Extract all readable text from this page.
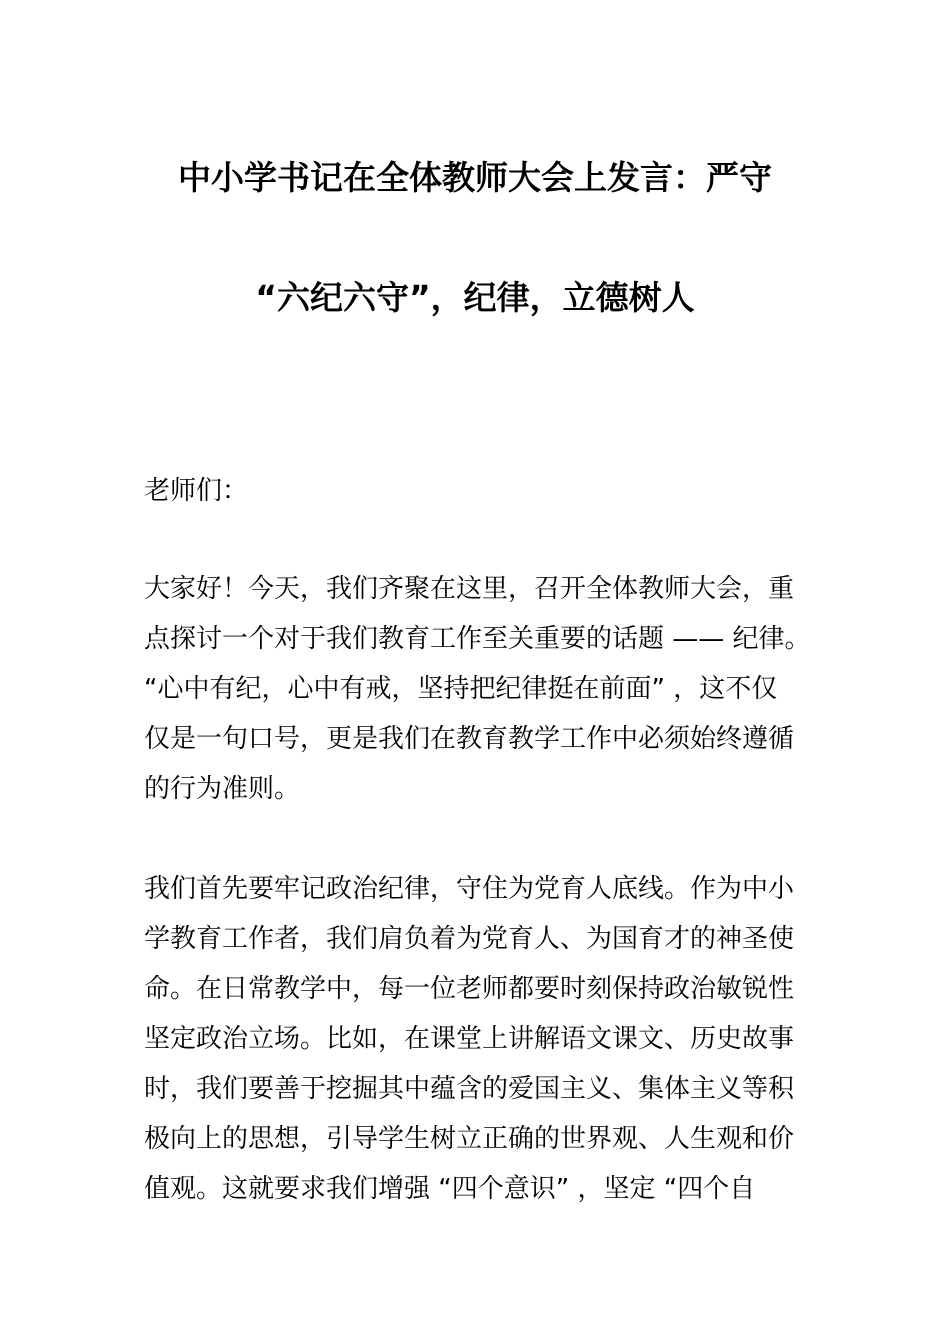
中小学书记在全体教师大会上发言：严守
“六纪六守”，纪律，立德树人
老师们：
大家好！今天，我们齐聚在这里，召开全体教师大会，重
点探讨一个对于我们教育工作至关重要的话题 —— 纪律。
“心中有纪，心中有戒，坚持把纪律挺在前面” ，这不仅
仅是一句口号，更是我们在教育教学工作中必须始终遵循
的行为准则。
我们首先要牢记政治纪律，守住为党育人底线。作为中小
学教育工作者，我们肩负着为党育人、为国育才的神圣使
命。在日常教学中，每一位老师都要时刻保持政治敏锐性
坚定政治立场。比如，在课堂上讲解语文课文、历史故事
时，我们要善于挖掘其中蕴含的爱国主义、集体主义等积
极向上的思想，引导学生树立正确的世界观、人生观和价
值观。这就要求我们增强 “四个意识” ，坚定 “四个自
